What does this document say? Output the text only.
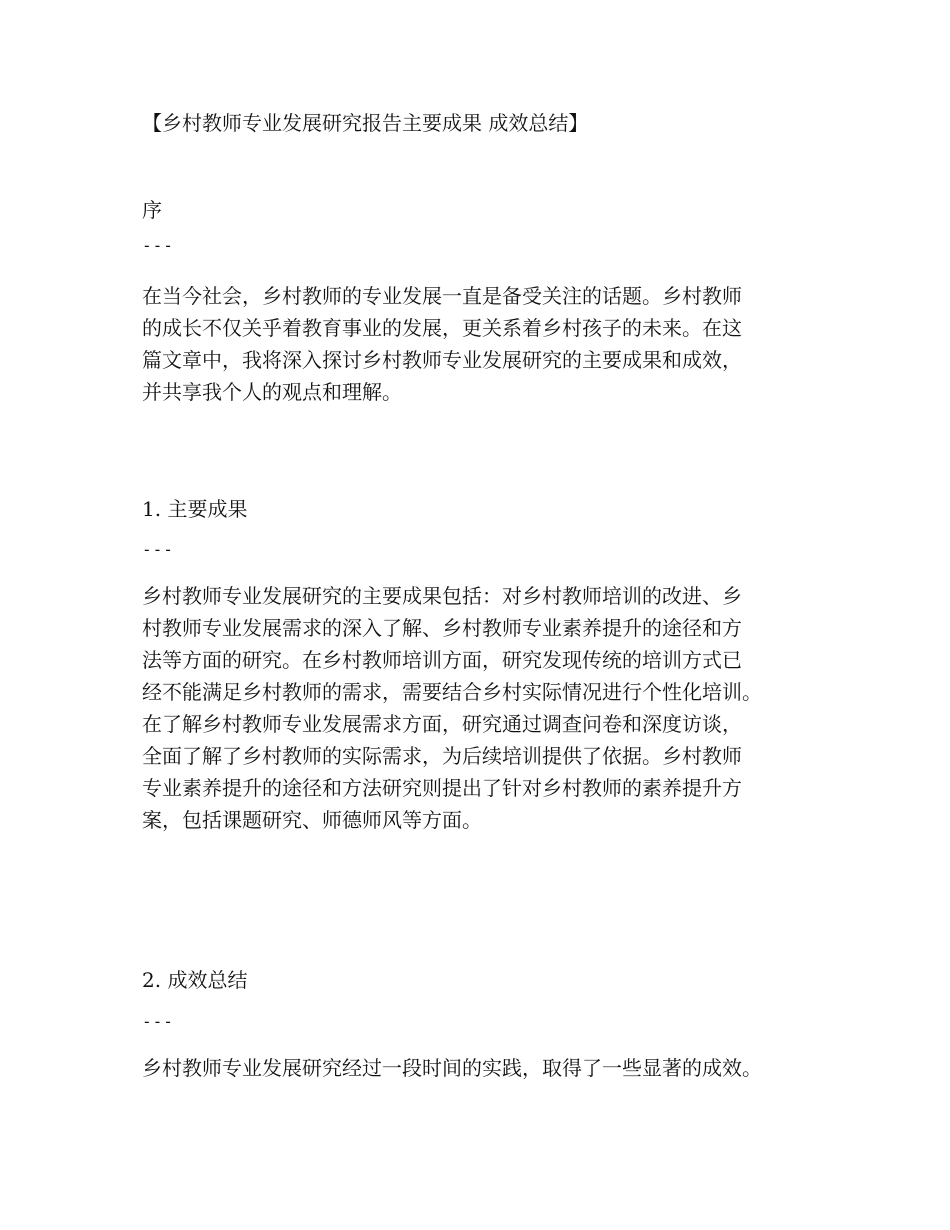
【乡村教师专业发展研究报告主要成果 成效总结】
序
---
在当今社会，乡村教师的专业发展一直是备受关注的话题。乡村教师
的成长不仅关乎着教育事业的发展，更关系着乡村孩子的未来。在这
篇文章中，我将深入探讨乡村教师专业发展研究的主要成果和成效，
并共享我个人的观点和理解。
1. 主要成果
---
乡村教师专业发展研究的主要成果包括：对乡村教师培训的改进、乡
村教师专业发展需求的深入了解、乡村教师专业素养提升的途径和方
法等方面的研究。在乡村教师培训方面，研究发现传统的培训方式已
经不能满足乡村教师的需求，需要结合乡村实际情况进行个性化培训。
在了解乡村教师专业发展需求方面，研究通过调查问卷和深度访谈，
全面了解了乡村教师的实际需求，为后续培训提供了依据。乡村教师
专业素养提升的途径和方法研究则提出了针对乡村教师的素养提升方
案，包括课题研究、师德师风等方面。
2. 成效总结
---
乡村教师专业发展研究经过一段时间的实践，取得了一些显著的成效。
